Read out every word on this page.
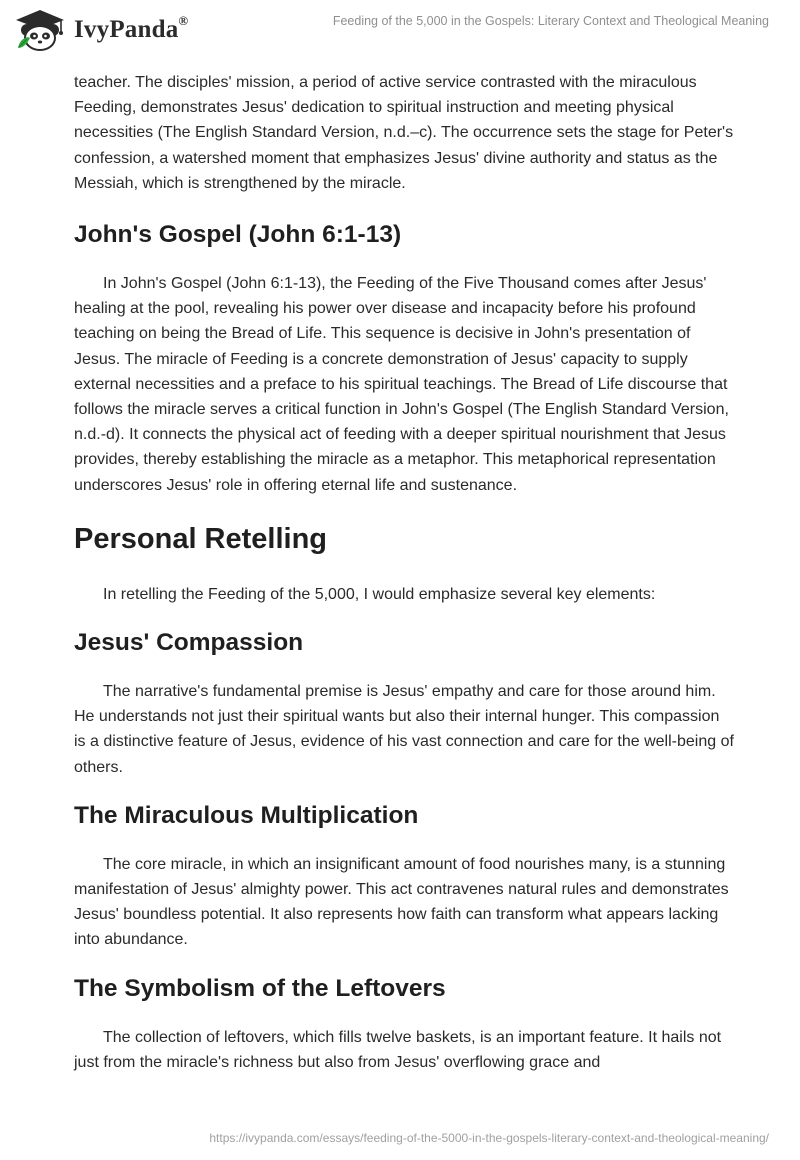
IvyPanda®	Feeding of the 5,000 in the Gospels: Literary Context and Theological Meaning

teacher. The disciples' mission, a period of active service contrasted with the miraculous Feeding, demonstrates Jesus' dedication to spiritual instruction and meeting physical necessities (The English Standard Version, n.d.–c). The occurrence sets the stage for Peter's confession, a watershed moment that emphasizes Jesus' divine authority and status as the Messiah, which is strengthened by the miracle.

John's Gospel (John 6:1-13)

In John's Gospel (John 6:1-13), the Feeding of the Five Thousand comes after Jesus' healing at the pool, revealing his power over disease and incapacity before his profound teaching on being the Bread of Life. This sequence is decisive in John's presentation of Jesus. The miracle of Feeding is a concrete demonstration of Jesus' capacity to supply external necessities and a preface to his spiritual teachings. The Bread of Life discourse that follows the miracle serves a critical function in John's Gospel (The English Standard Version, n.d.-d). It connects the physical act of feeding with a deeper spiritual nourishment that Jesus provides, thereby establishing the miracle as a metaphor. This metaphorical representation underscores Jesus' role in offering eternal life and sustenance.

Personal Retelling

In retelling the Feeding of the 5,000, I would emphasize several key elements:

Jesus' Compassion

The narrative's fundamental premise is Jesus' empathy and care for those around him. He understands not just their spiritual wants but also their internal hunger. This compassion is a distinctive feature of Jesus, evidence of his vast connection and care for the well-being of others.

The Miraculous Multiplication

The core miracle, in which an insignificant amount of food nourishes many, is a stunning manifestation of Jesus' almighty power. This act contravenes natural rules and demonstrates Jesus' boundless potential. It also represents how faith can transform what appears lacking into abundance.

The Symbolism of the Leftovers

The collection of leftovers, which fills twelve baskets, is an important feature. It hails not just from the miracle's richness but also from Jesus' overflowing grace and

https://ivypanda.com/essays/feeding-of-the-5000-in-the-gospels-literary-context-and-theological-meaning/
